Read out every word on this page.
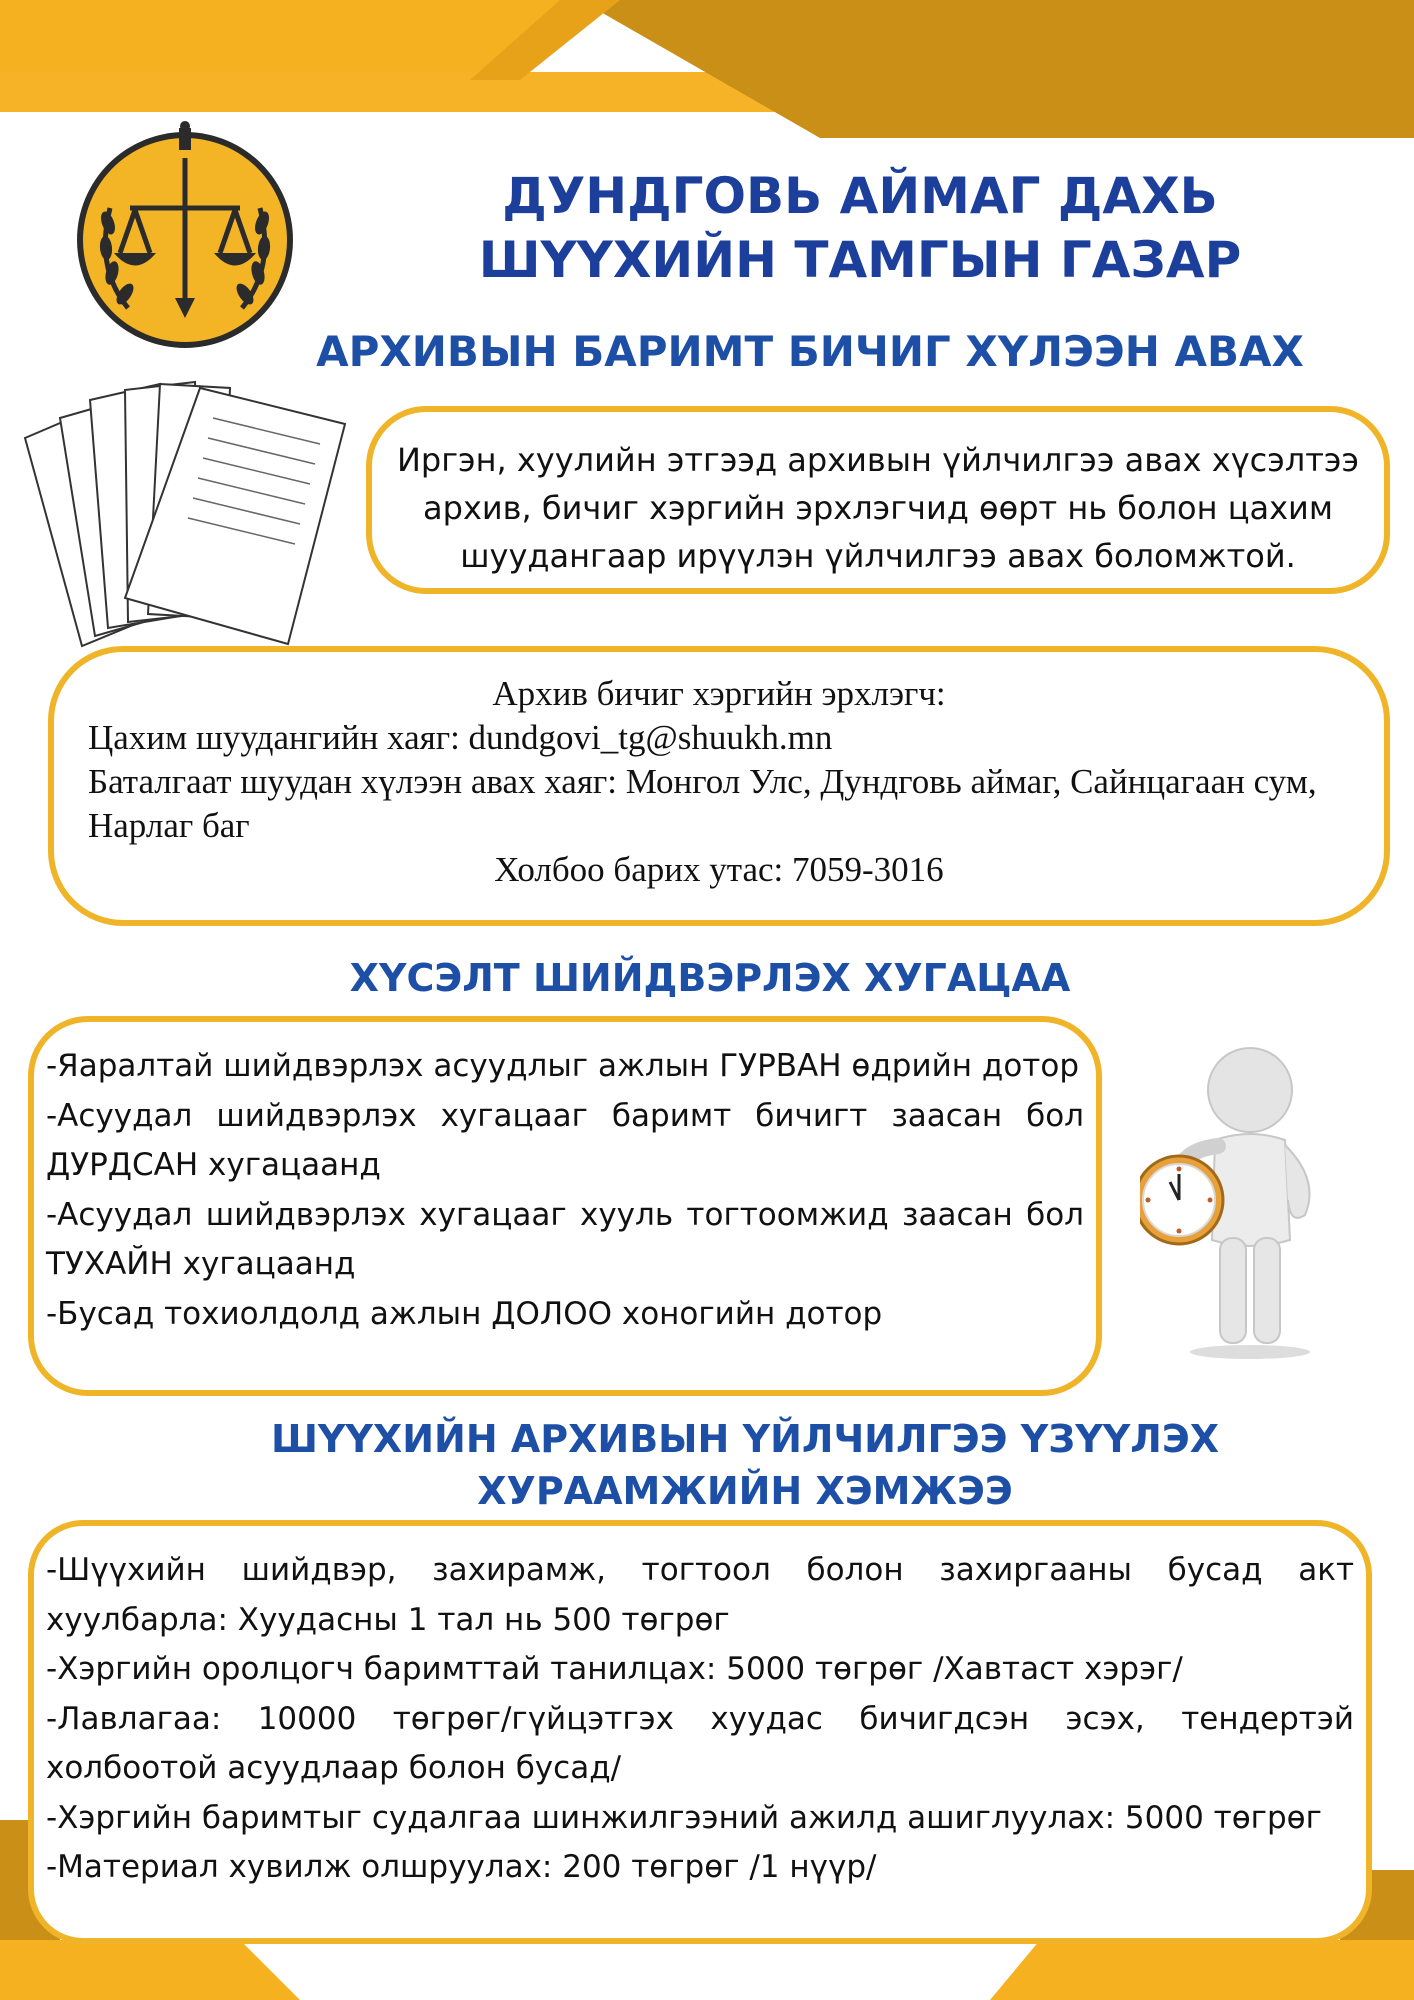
ДУНДГОВЬ АЙМАГ ДАХЬ
ШҮҮХИЙН ТАМГЫН ГАЗАР
АРХИВЫН БАРИМТ БИЧИГ ХҮЛЭЭН АВАХ
Иргэн, хуулийн этгээд архивын үйлчилгээ авах хүсэлтээ архив, бичиг хэргийн эрхлэгчид өөрт нь болон цахим шуудангаар ирүүлэн үйлчилгээ авах боломжтой.
Архив бичиг хэргийн эрхлэгч:
Цахим шуудангийн хаяг: dundgovi_tg@shuukh.mn
Баталгаат шуудан хүлээн авах хаяг: Монгол Улс, Дундговь аймаг, Сайнцагаан сум, Нарлаг баг
Холбоо барих утас: 7059-3016
ХҮСЭЛТ ШИЙДВЭРЛЭХ ХУГАЦАА

-Яаралтай шийдвэрлэх асуудлыг ажлын ГУРВАН өдрийн дотор

-Асуудал шийдвэрлэх хугацааг баримт бичигт заасан бол ДУРДСАН хугацаанд

-Асуудал шийдвэрлэх хугацааг хууль тогтоомжид заасан бол ТУХАЙН хугацаанд

-Бусад тохиолдолд ажлын ДОЛОО хоногийн дотор

ШҮҮХИЙН АРХИВЫН ҮЙЛЧИЛГЭЭ ҮЗҮҮЛЭХ
ХУРААМЖИЙН ХЭМЖЭЭ

-Шүүхийн шийдвэр, захирамж, тогтоол болон захиргааны бусад акт хуулбарла: Хуудасны 1 тал нь 500 төгрөг

-Хэргийн оролцогч баримттай танилцах: 5000 төгрөг /Хавтаст хэрэг/

-Лавлагаа: 10000 төгрөг/гүйцэтгэх хуудас бичигдсэн эсэх, тендертэй холбоотой асуудлаар болон бусад/

-Хэргийн баримтыг судалгаа шинжилгээний ажилд ашиглуулах: 5000 төгрөг

-Материал хувилж олшруулах: 200 төгрөг /1 нүүр/
